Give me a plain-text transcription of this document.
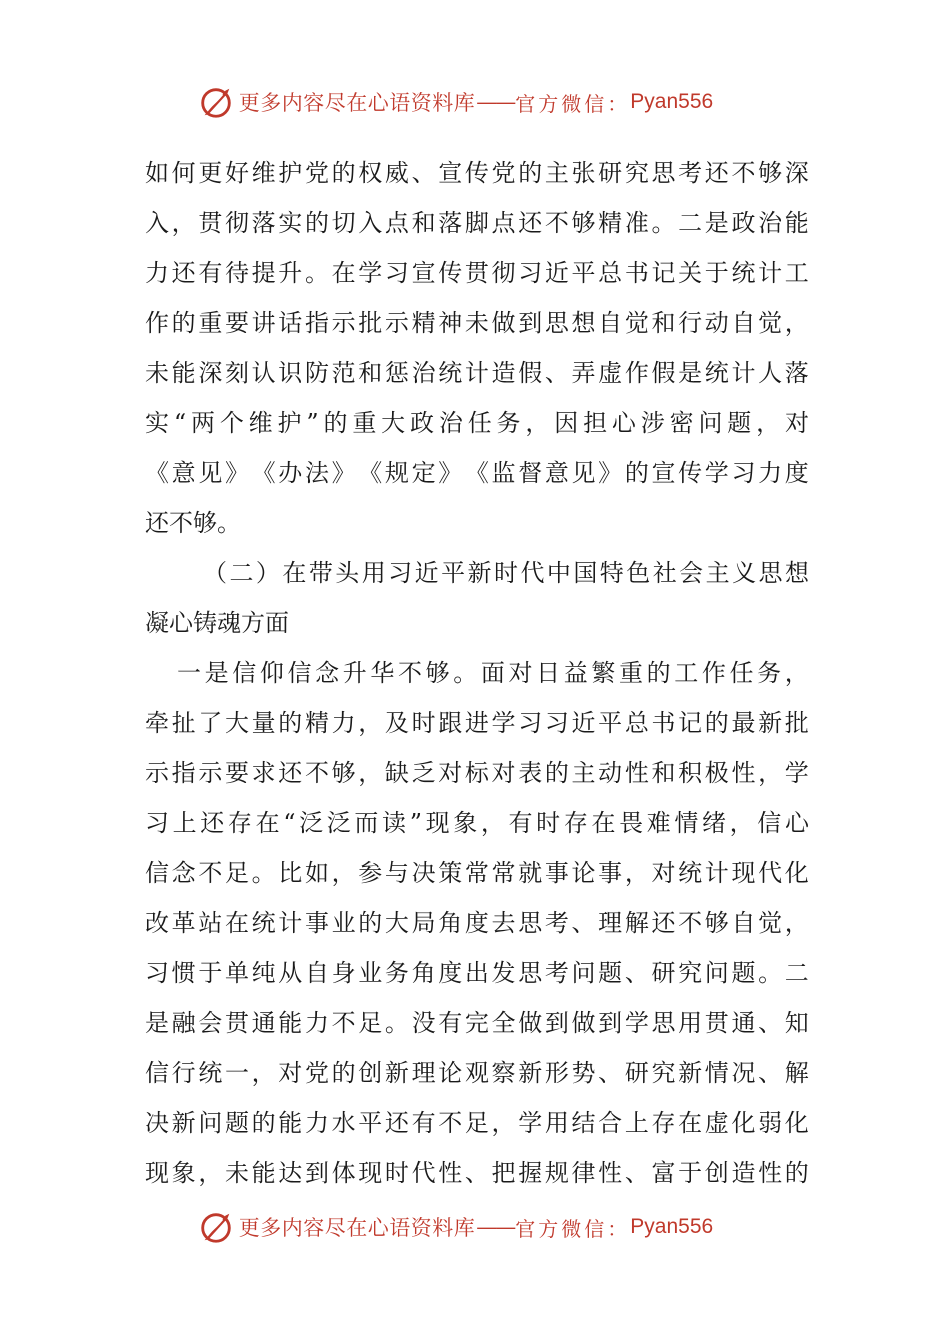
更多内容尽在心语资料库 —— 官方微信： Pyan556
如 何 更 好 维 护 党 的 权 威 、 宣 传 党 的 主 张 研 究 思 考 还 不 够 深
入 ， 贯 彻 落 实 的 切 入 点 和 落 脚 点 还 不 够 精 准 。 二 是 政 治 能
力 还 有 待 提 升 。 在 学 习 宣 传 贯 彻 习 近 平 总 书 记 关 于 统 计 工
作 的 重 要 讲 话 指 示 批 示 精 神 未 做 到 思 想 自 觉 和 行 动 自 觉 ，
未 能 深 刻 认 识 防 范 和 惩 治 统 计 造 假 、 弄 虚 作 假 是 统 计 人 落
实 “ 两 个 维 护 ” 的 重 大 政 治 任 务 ， 因 担 心 涉 密 问 题 ， 对
《 意 见 》 《 办 法 》 《 规 定 》 《 监 督 意 见 》 的 宣 传 学 习 力 度
还不够。
（ 二 ） 在 带 头 用 习 近 平 新 时 代 中 国 特 色 社 会 主 义 思 想
凝心铸魂方面
一 是 信 仰 信 念 升 华 不 够 。 面 对 日 益 繁 重 的 工 作 任 务 ，
牵 扯 了 大 量 的 精 力 ， 及 时 跟 进 学 习 习 近 平 总 书 记 的 最 新 批
示 指 示 要 求 还 不 够 ， 缺 乏 对 标 对 表 的 主 动 性 和 积 极 性 ， 学
习 上 还 存 在 “ 泛 泛 而 读 ” 现 象 ， 有 时 存 在 畏 难 情 绪 ， 信 心
信 念 不 足 。 比 如 ， 参 与 决 策 常 常 就 事 论 事 ， 对 统 计 现 代 化
改 革 站 在 统 计 事 业 的 大 局 角 度 去 思 考 、 理 解 还 不 够 自 觉 ，
习 惯 于 单 纯 从 自 身 业 务 角 度 出 发 思 考 问 题 、 研 究 问 题 。 二
是 融 会 贯 通 能 力 不 足 。 没 有 完 全 做 到 做 到 学 思 用 贯 通 、 知
信 行 统 一 ， 对 党 的 创 新 理 论 观 察 新 形 势 、 研 究 新 情 况 、 解
决 新 问 题 的 能 力 水 平 还 有 不 足 ， 学 用 结 合 上 存 在 虚 化 弱 化
现 象 ， 未 能 达 到 体 现 时 代 性 、 把 握 规 律 性 、 富 于 创 造 性 的
更多内容尽在心语资料库 —— 官方微信： Pyan556
